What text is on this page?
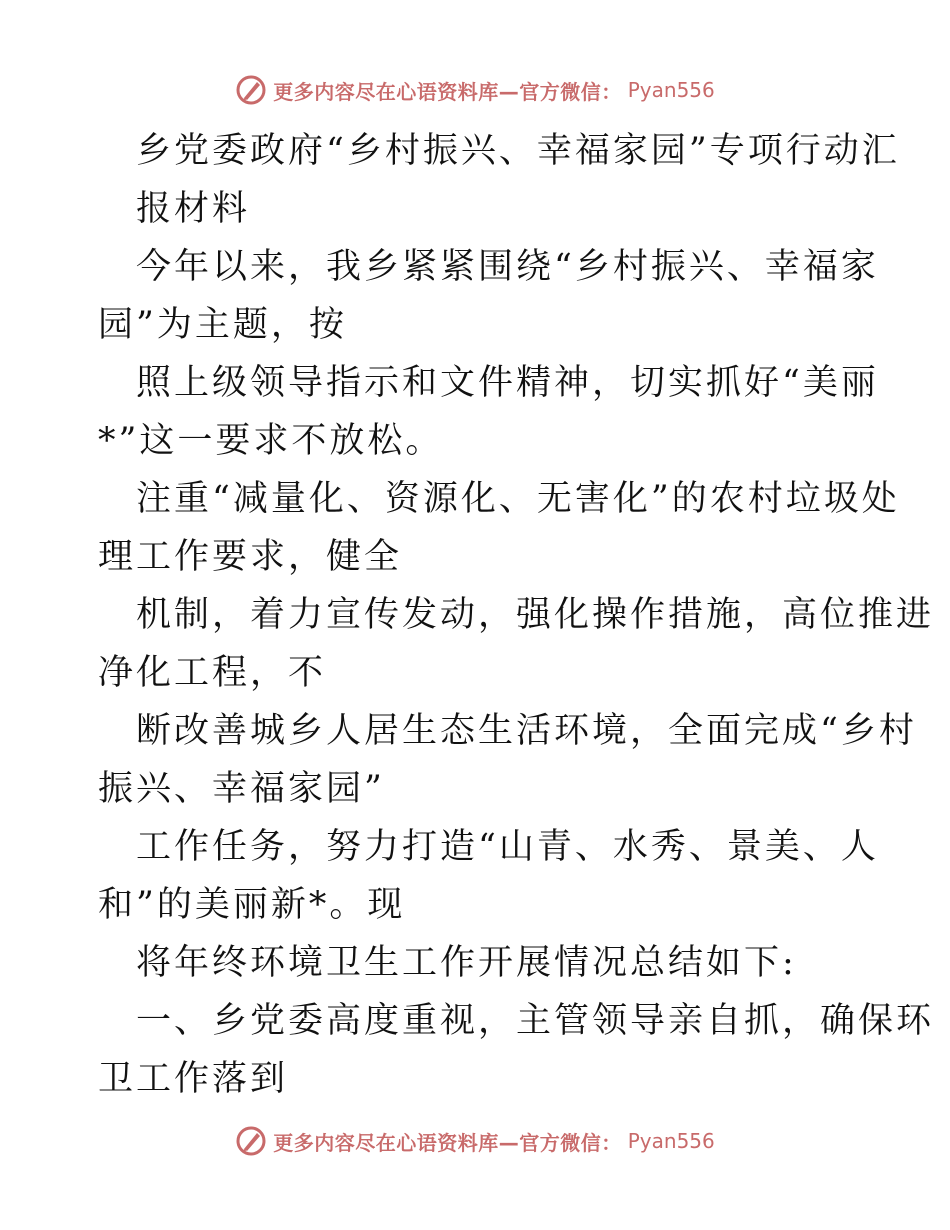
更多内容尽在心语资料库—官方微信： Pyan556
乡党委政府“乡村振兴、幸福家园”专项行动汇
报材料
今年以来，我乡紧紧围绕“乡村振兴、幸福家
园”为主题，按
照上级领导指示和文件精神，切实抓好“美丽
*”这一要求不放松。
注重“减量化、资源化、无害化”的农村垃圾处
理工作要求，健全
机制，着力宣传发动，强化操作措施，高位推进
净化工程，不
断改善城乡人居生态生活环境，全面完成“乡村
振兴、幸福家园”
工作任务，努力打造“山青、水秀、景美、人
和”的美丽新*。现
将年终环境卫生工作开展情况总结如下:
一、乡党委高度重视，主管领导亲自抓，确保环
卫工作落到
更多内容尽在心语资料库—官方微信： Pyan556
